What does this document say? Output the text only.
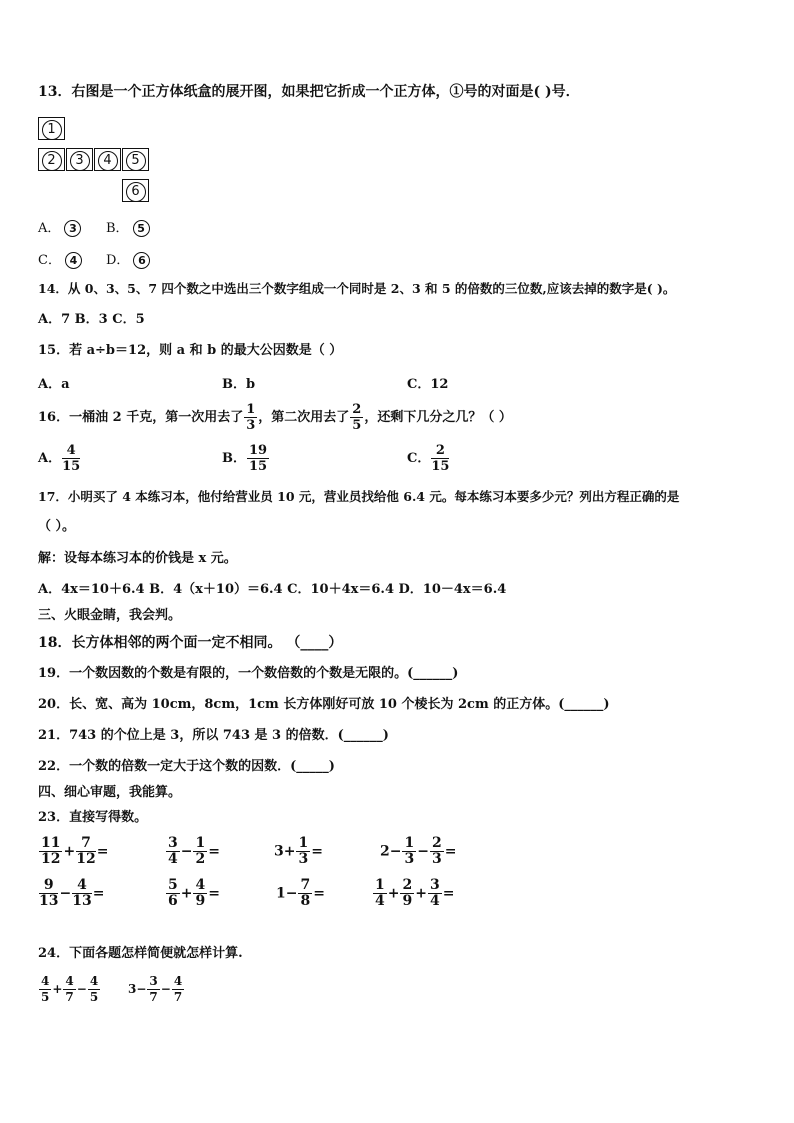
13．右图是一个正方体纸盒的展开图，如果把它折成一个正方体，①号的对面是( )号．
1
2	3	4	5
6
A． 3	B． 5
C． 4	D． 6
14．从 0、3、5、7 四个数之中选出三个数字组成一个同时是 2、3 和 5 的倍数的三位数,应该去掉的数字是( )。
A．7 B．3 C．5
15．若 a÷b＝12，则 a 和 b 的最大公因数是（ ）
A．a	B．b	C．12
16．一桶油 2 千克，第一次用去了 $\frac{1}{3}$ ，第二次用去了 $\frac{2}{5}$ ，还剩下几分之几？（ ）
A． $\frac{4}{15}$	B． $\frac{19}{15}$	C． $\frac{2}{15}$
17．小明买了 4 本练习本，他付给营业员 10 元，营业员找给他 6.4 元。每本练习本要多少元？列出方程正确的是
（ ）。
解：设每本练习本的价钱是 x 元。
A．4x＝10＋6.4 B．4（x＋10）＝6.4 C．10＋4x＝6.4 D．10－4x＝6.4
三、火眼金睛，我会判。
18．长方体相邻的两个面一定不相同。 （____）
19．一个数因数的个数是有限的，一个数倍数的个数是无限的。(______)
20．长、宽、高为 10cm，8cm，1cm 长方体刚好可放 10 个棱长为 2cm 的正方体。(______)
21．743 的个位上是 3，所以 743 是 3 的倍数．(______)
22．一个数的倍数一定大于这个数的因数．(_____)
四、细心审题，我能算。
23．直接写得数。
$\frac{11}{12} + \frac{7}{12}$ =	$\frac{3}{4} - \frac{1}{2}$ =	$3+ \frac{1}{3}$ =	$2- \frac{1}{3} - \frac{2}{3}$ =
$\frac{9}{13} - \frac{4}{13}$ =	$\frac{5}{6} + \frac{4}{9}$ =	$1- \frac{7}{8}$ =	$\frac{1}{4} + \frac{2}{9} + \frac{3}{4}$ =
24．下面各题怎样简便就怎样计算.
$\frac{4}{5} + \frac{4}{7} - \frac{4}{5} 3- \frac{3}{7} - \frac{4}{7}$
